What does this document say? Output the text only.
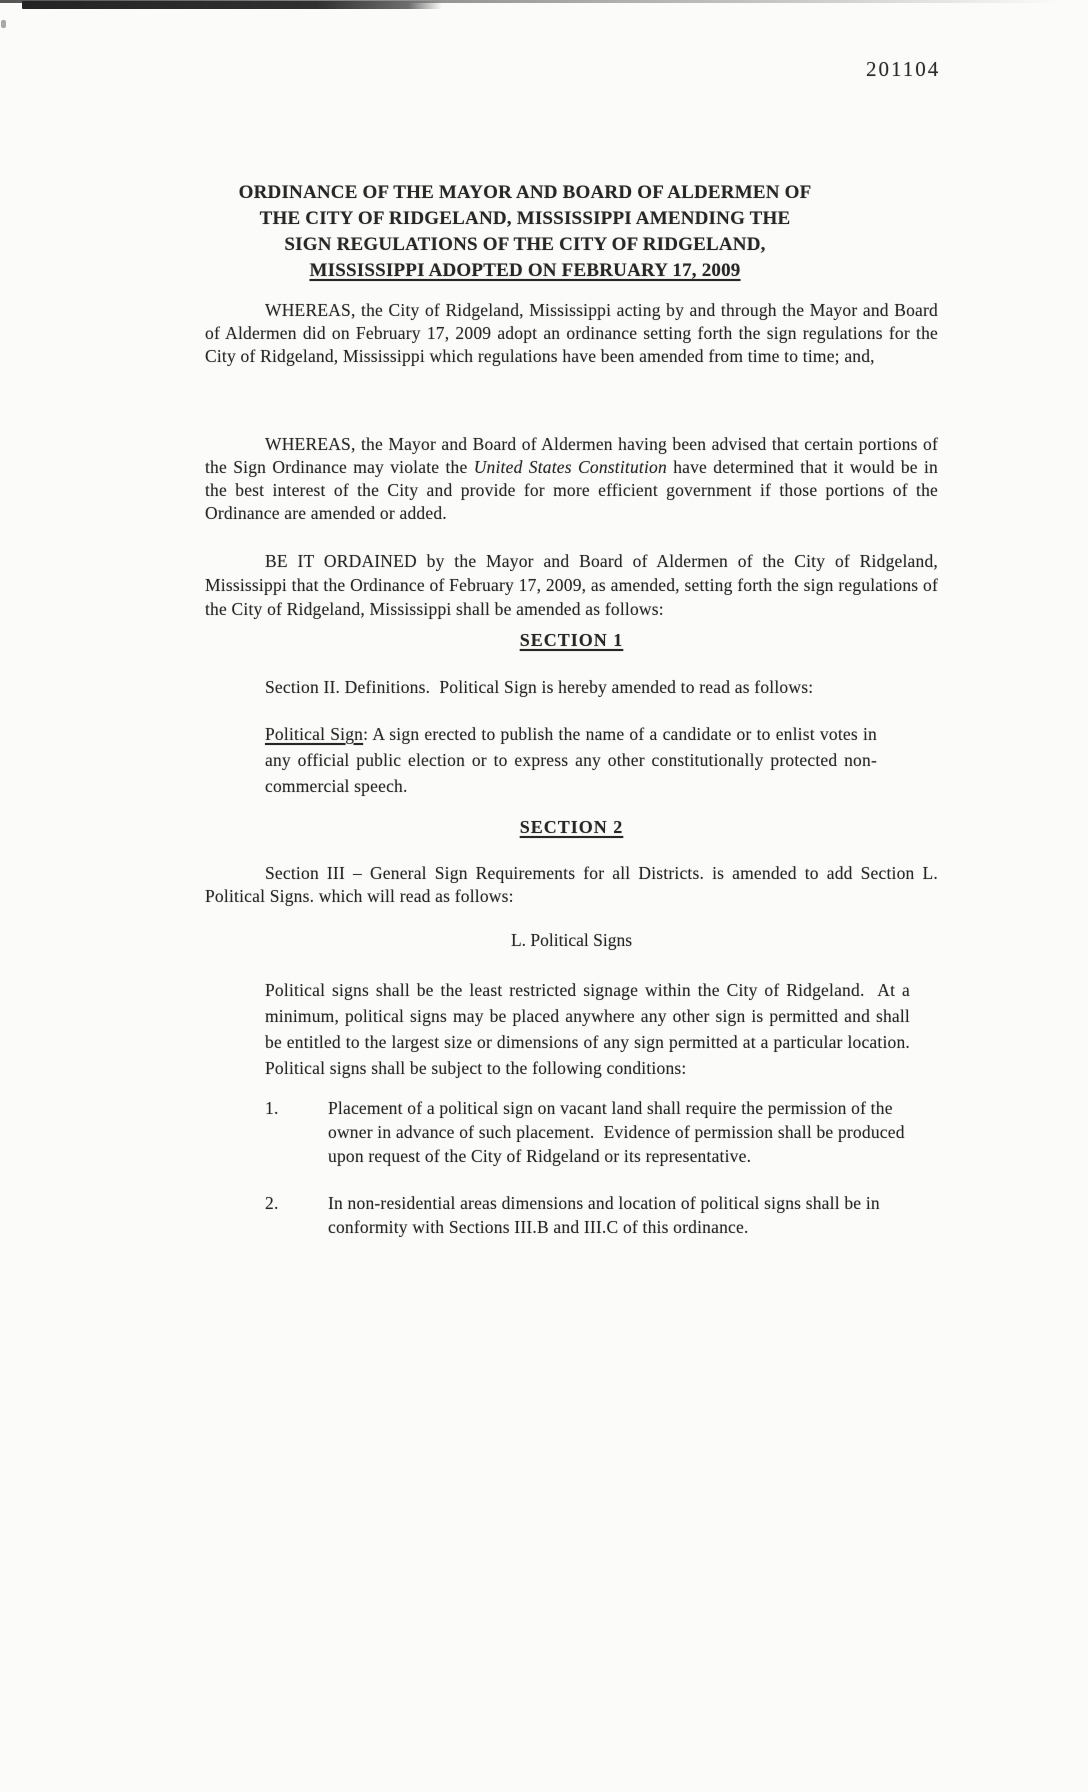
201104
ORDINANCE OF THE MAYOR AND BOARD OF ALDERMEN OF
THE CITY OF RIDGELAND, MISSISSIPPI AMENDING THE
SIGN REGULATIONS OF THE CITY OF RIDGELAND,
MISSISSIPPI ADOPTED ON FEBRUARY 17, 2009

WHEREAS, the City of Ridgeland, Mississippi acting by and through the Mayor and Board of Aldermen did on February 17, 2009 adopt an ordinance setting forth the sign regulations for the City of Ridgeland, Mississippi which regulations have been amended from time to time; and,

WHEREAS, the Mayor and Board of Aldermen having been advised that certain portions of the Sign Ordinance may violate the United States Constitution have determined that it would be in the best interest of the City and provide for more efficient government if those portions of the Ordinance are amended or added.

BE IT ORDAINED by the Mayor and Board of Aldermen of the City of Ridgeland, Mississippi that the Ordinance of February 17, 2009, as amended, setting forth the sign regulations of the City of Ridgeland, Mississippi shall be amended as follows:

SECTION 1

Section II. Definitions.  Political Sign is hereby amended to read as follows:

Political Sign: A sign erected to publish the name of a candidate or to enlist votes in any official public election or to express any other constitutionally protected non-commercial speech.

SECTION 2

Section III – General Sign Requirements for all Districts. is amended to add Section L. Political Signs. which will read as follows:

L. Political Signs

Political signs shall be the least restricted signage within the City of Ridgeland.  At a minimum, political signs may be placed anywhere any other sign is permitted and shall be entitled to the largest size or dimensions of any sign permitted at a particular location. Political signs shall be subject to the following conditions:

1.	Placement of a political sign on vacant land shall require the permission of the owner in advance of such placement.  Evidence of permission shall be produced upon request of the City of Ridgeland or its representative.
2.	In non-residential areas dimensions and location of political signs shall be in conformity with Sections III.B and III.C of this ordinance.
